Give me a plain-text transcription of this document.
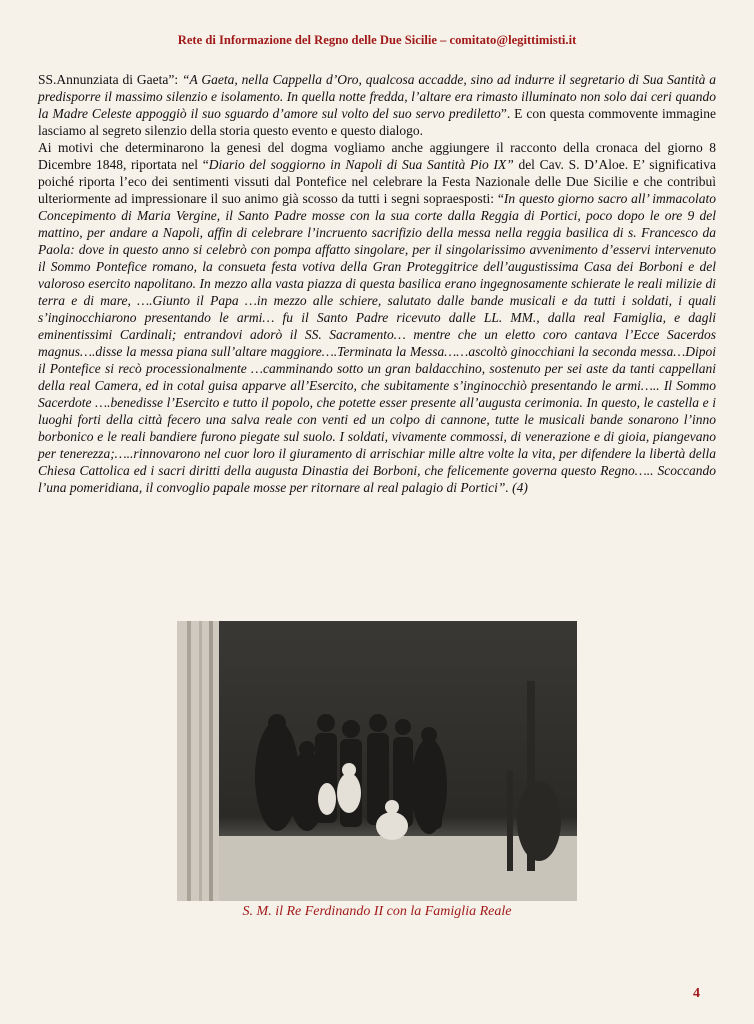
Rete di Informazione del Regno delle Due Sicilie – comitato@legittimisti.it

SS.Annunziata di Gaeta”: “A Gaeta, nella Cappella d’Oro, qualcosa accadde, sino ad indurre il segretario di Sua Santità a predisporre il massimo silenzio e isolamento. In quella notte fredda, l’altare era rimasto illuminato non solo dai ceri quando la Madre Celeste appoggiò il suo sguardo d’amore sul volto del suo servo prediletto”. E con questa commovente immagine lasciamo al segreto silenzio della storia questo evento e questo dialogo.

Ai motivi che determinarono la genesi del dogma vogliamo anche aggiungere il racconto della cronaca del giorno 8 Dicembre 1848, riportata nel “Diario del soggiorno in Napoli di Sua Santità Pio IX” del Cav. S. D’Aloe. E’ significativa poiché riporta l’eco dei sentimenti vissuti dal Pontefice nel celebrare la Festa Nazionale delle Due Sicilie e che contribuì ulteriormente ad impressionare il suo animo già scosso da tutti i segni sopraesposti: “In questo giorno sacro all’ immacolato Concepimento di Maria Vergine, il Santo Padre mosse con la sua corte dalla Reggia di Portici, poco dopo le ore 9 del mattino, per andare a Napoli, affin di celebrare l’incruento sacrifizio della messa nella reggia basilica di s. Francesco da Paola: dove in questo anno si celebrò con pompa affatto singolare, per il singolarissimo avvenimento d’esservi intervenuto il Sommo Pontefice romano, la consueta festa votiva della Gran Proteggitrice dell’augustissima Casa dei Borboni e del valoroso esercito napolitano. In mezzo alla vasta piazza di questa basilica erano ingegnosamente schierate le reali milizie di terra e di mare, ….Giunto il Papa …in mezzo alle schiere, salutato dalle bande musicali e da tutti i soldati, i quali s’inginocchiarono presentando le armi… fu il Santo Padre ricevuto dalle LL. MM., dalla real Famiglia, e dagli eminentissimi Cardinali; entrandovi adorò il SS. Sacramento… mentre che un eletto coro cantava l’Ecce Sacerdos magnus….disse la messa piana sull’altare maggiore….Terminata la Messa……ascoltò ginocchiani la seconda messa…Dipoi il Pontefice si recò processionalmente …camminando sotto un gran baldacchino, sostenuto per sei aste da tanti cappellani della real Camera, ed in cotal guisa apparve all’Esercito, che subitamente s’inginocchiò presentando le armi….. Il Sommo Sacerdote ….benedisse l’Esercito e tutto il popolo, che potette esser presente all’augusta cerimonia. In questo, le castella e i luoghi forti della città fecero una salva reale con venti ed un colpo di cannone, tutte le musicali bande sonarono l’inno borbonico e le reali bandiere furono piegate sul suolo. I soldati, vivamente commossi, di venerazione e di gioia, piangevano per tenerezza;…..rinnovarono nel cuor loro il giuramento di arrischiar mille altre volte la vita, per difendere la libertà della Chiesa Cattolica ed i sacri diritti della augusta Dinastia dei Borboni, che felicemente governa questo Regno….. Scoccando l’una pomeridiana, il convoglio papale mosse per ritornare al real palagio di Portici”. (4)

S. M. il Re Ferdinando II con la Famiglia Reale
4
